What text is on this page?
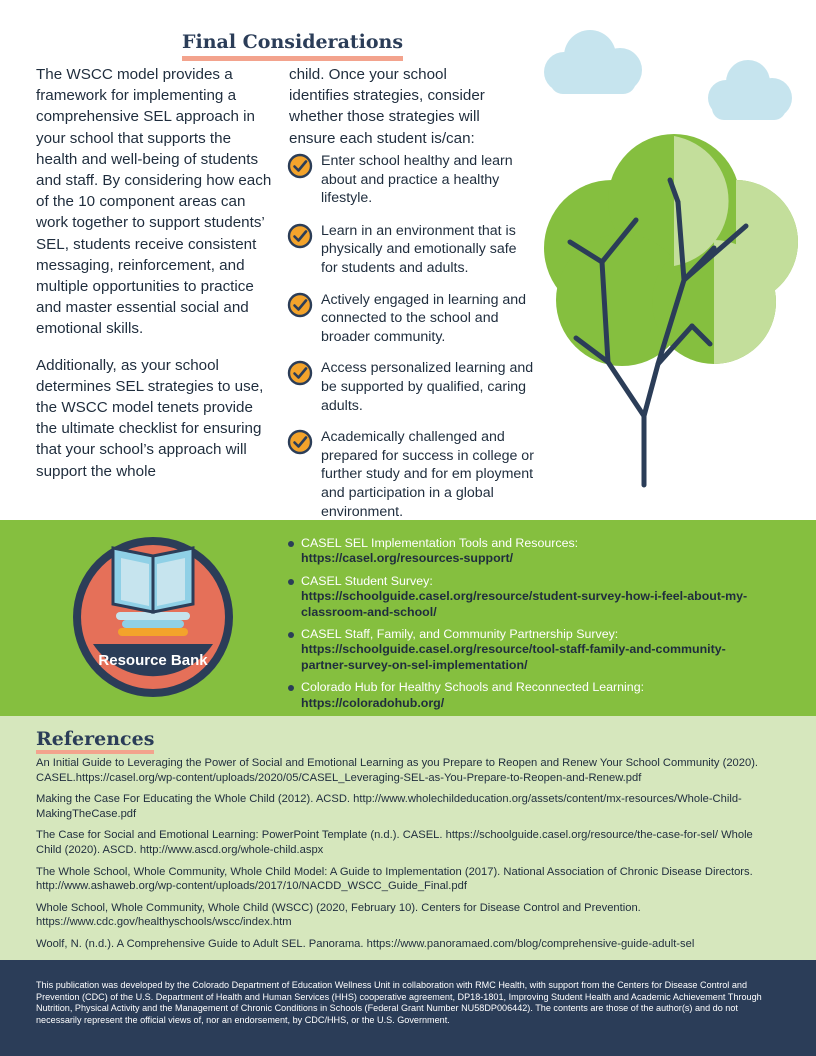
Final Considerations

The WSCC model provides a framework for implementing a comprehensive SEL approach in your school that supports the health and well-being of students and staff. By considering how each of the 10 component areas can work together to support students’ SEL, students receive consistent messaging, reinforcement, and multiple opportunities to practice and master essential social and emotional skills.

Additionally, as your school determines SEL strategies to use, the WSCC model tenets provide the ultimate checklist for ensuring that your school’s approach will support the whole

child. Once your school identifies strategies, consider whether those strategies will ensure each student is/can:
Enter school healthy and learn about and practice a healthy lifestyle.
Learn in an environment that is physically and emotionally safe for students and adults.
Actively engaged in learning and connected to the school and broader community.
Access personalized learning and be supported by qualified, caring adults.
Academically challenged and prepared for success in college or further study and for em ployment and participation in a global environment.
Resource Bank
CASEL SEL Implementation Tools and Resources:
https://casel.org/resources-support/
CASEL Student Survey:
https://schoolguide.casel.org/resource/student-survey-how-i-feel-about-my-classroom-and-school/
CASEL Staff, Family, and Community Partnership Survey:
https://schoolguide.casel.org/resource/tool-staff-family-and-community-partner-survey-on-sel-implementation/
Colorado Hub for Healthy Schools and Reconnected Learning:
https://coloradohub.org/
References
An Initial Guide to Leveraging the Power of Social and Emotional Learning as you Prepare to Reopen and Renew Your School Community (2020). CASEL.https://casel.org/wp-content/uploads/2020/05/CASEL_Leveraging-SEL-as-You-Prepare-to-Reopen-and-Renew.pdf
Making the Case For Educating the Whole Child (2012). ACSD. http://www.wholechildeducation.org/assets/content/mx-resources/Whole-Child-MakingTheCase.pdf
The Case for Social and Emotional Learning: PowerPoint Template (n.d.). CASEL. https://schoolguide.casel.org/resource/the-case-for-sel/ Whole Child (2020). ASCD. http://www.ascd.org/whole-child.aspx
The Whole School, Whole Community, Whole Child Model: A Guide to Implementation (2017). National Association of Chronic Disease Directors. http://www.ashaweb.org/wp-content/uploads/2017/10/NACDD_WSCC_Guide_Final.pdf
Whole School, Whole Community, Whole Child (WSCC) (2020, February 10). Centers for Disease Control and Prevention. https://www.cdc.gov/healthyschools/wscc/index.htm
Woolf, N. (n.d.). A Comprehensive Guide to Adult SEL. Panorama. https://www.panoramaed.com/blog/comprehensive-guide-adult-sel
This publication was developed by the Colorado Department of Education Wellness Unit in collaboration with RMC Health, with support from the Centers for Disease Control and Prevention (CDC) of the U.S. Department of Health and Human Services (HHS) cooperative agreement, DP18-1801, Improving Student Health and Academic Achievement Through Nutrition, Physical Activity and the Management of Chronic Conditions in Schools (Federal Grant Number NU58DP006442). The contents are those of the author(s) and do not necessarily represent the official views of, nor an endorsement, by CDC/HHS, or the U.S. Government.
